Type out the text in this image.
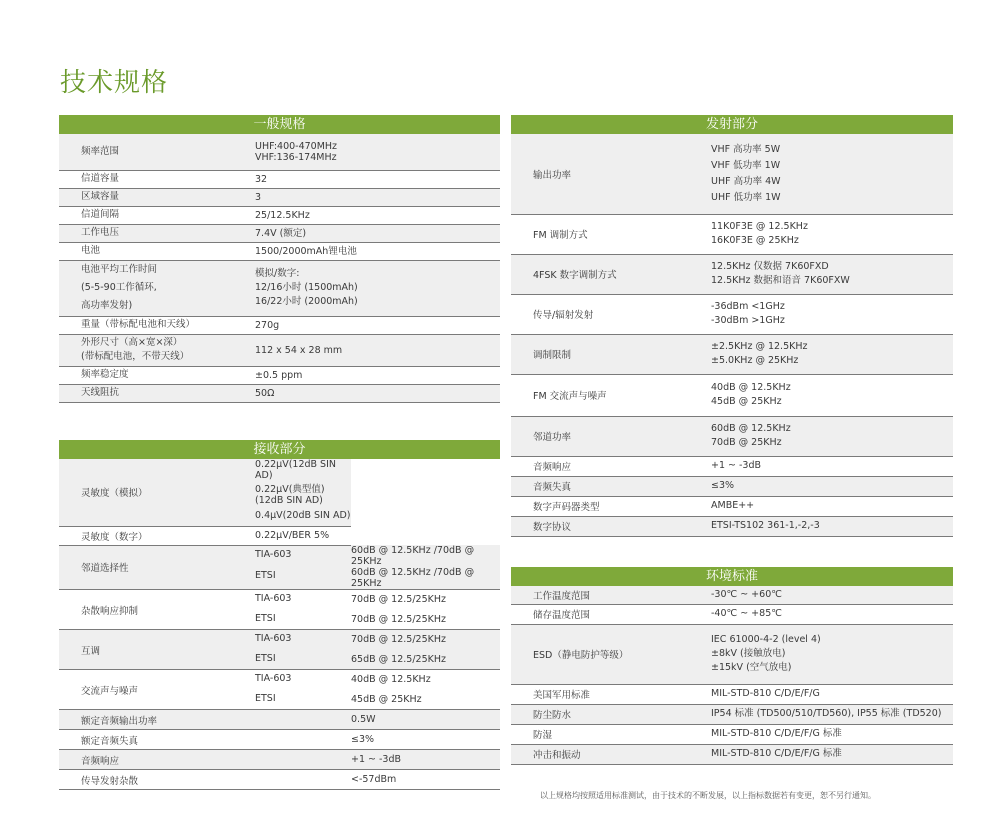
技术规格
一般规格
频率范围	UHF:400-470MHz
VHF:136-174MHz

信道容量	32

区域容量	3

信道间隔	25/12.5KHz

工作电压	7.4V (额定)

电池	1500/2000mAh锂电池

电池平均工作时间
(5-5-90工作循环,
高功率发射)	模拟/数字:
12/16小时 (1500mAh)
16/22小时 (2000mAh)

重量（带标配电池和天线）	270g

外形尺寸（高×宽×深）
(带标配电池，不带天线）	112 x 54 x 28 mm

频率稳定度	±0.5 ppm

天线阻抗	50Ω
接收部分
灵敏度（模拟）	0.22μV(12dB SIN AD)	
	0.22μV(典型值)(12dB SIN AD)	
	0.4μV(20dB SIN AD)	
灵敏度（数字）	0.22μV/BER 5%	
邻道选择性	TIA-603	60dB @ 12.5KHz /70dB @ 25KHz
	ETSI	60dB @ 12.5KHz /70dB @ 25KHz
杂散响应抑制	TIA-603	70dB @ 12.5/25KHz
	ETSI	70dB @ 12.5/25KHz
互调	TIA-603	70dB @ 12.5/25KHz
	ETSI	65dB @ 12.5/25KHz
交流声与噪声	TIA-603	40dB @ 12.5KHz
	ETSI	45dB @ 25KHz
额定音频输出功率		0.5W
额定音频失真		≤3%
音频响应		+1 ~ -3dB
传导发射杂散		<-57dBm
发射部分
输出功率	VHF 高功率 5W
VHF 低功率 1W
UHF 高功率 4W
UHF 低功率 1W

FM 调制方式	11K0F3E @ 12.5KHz
16K0F3E @ 25KHz

4FSK 数字调制方式	12.5KHz 仅数据 7K60FXD
12.5KHz 数据和语音 7K60FXW

传导/辐射发射	-36dBm <1GHz
-30dBm >1GHz

调制限制	±2.5KHz @ 12.5KHz
±5.0KHz @ 25KHz

FM 交流声与噪声	40dB @ 12.5KHz
45dB @ 25KHz

邻道功率	60dB @ 12.5KHz
70dB @ 25KHz

音频响应	+1 ~ -3dB

音频失真	≤3%

数字声码器类型	AMBE++

数字协议	ETSI-TS102 361-1,-2,-3
环境标准
工作温度范围	-30℃ ~ +60℃

储存温度范围	-40℃ ~ +85℃

ESD（静电防护等级）	IEC 61000-4-2 (level 4)
±8kV (接触放电)
±15kV (空气放电)

美国军用标准	MIL-STD-810 C/D/E/F/G

防尘防水	IP54 标准 (TD500/510/TD560), IP55 标准 (TD520)

防湿	MIL-STD-810 C/D/E/F/G 标准

冲击和振动	MIL-STD-810 C/D/E/F/G 标准
以上规格均按照适用标准测试，由于技术的不断发展，以上指标数据若有变更，恕不另行通知。
